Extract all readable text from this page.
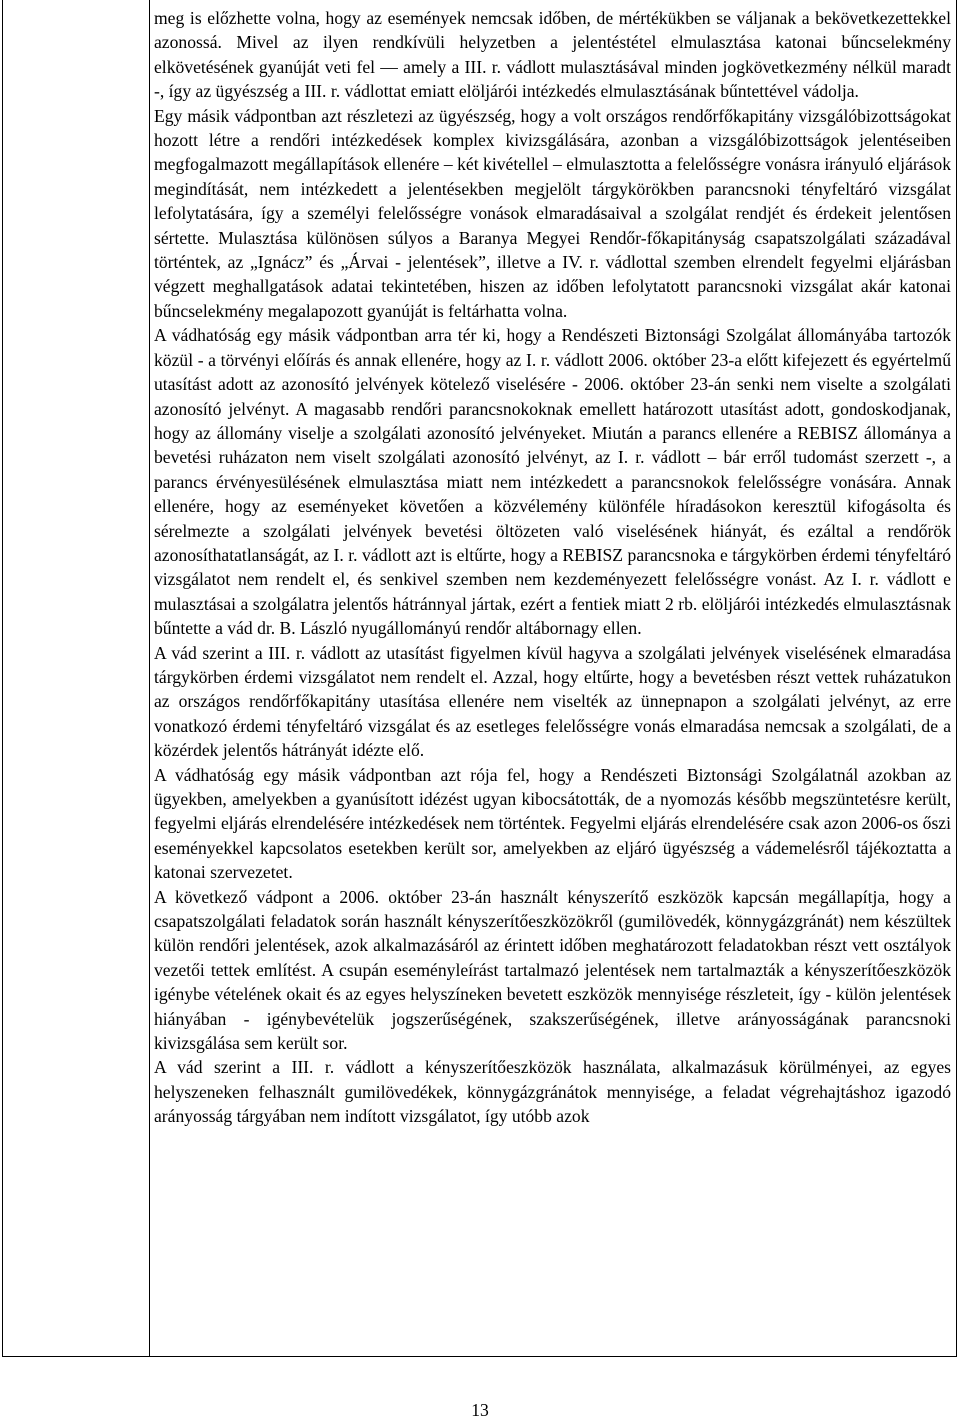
meg is előzhette volna, hogy az események nemcsak időben, de mértékükben se váljanak a bekövetkezettekkel azonossá. Mivel az ilyen rendkívüli helyzetben a jelentéstétel elmulasztása katonai bűncselekmény elkövetésének gyanúját veti fel — amely a III. r. vádlott mulasztásával minden jogkövetkezmény nélkül maradt -, így az ügyészség a III. r. vádlottat emiatt elöljárói intézkedés elmulasztásának bűntettével vádolja.

Egy másik vádpontban azt részletezi az ügyészség, hogy a volt országos rendőrfőkapitány vizsgálóbizottságokat hozott létre a rendőri intézkedések komplex kivizsgálására, azonban a vizsgálóbizottságok jelentéseiben megfogalmazott megállapítások ellenére – két kivétellel – elmulasztotta a felelősségre vonásra irányuló eljárások megindítását, nem intézkedett a jelentésekben megjelölt tárgykörökben parancsnoki tényfeltáró vizsgálat lefolytatására, így a személyi felelősségre vonások elmaradásaival a szolgálat rendjét és érdekeit jelentősen sértette. Mulasztása különösen súlyos a Baranya Megyei Rendőr-főkapitányság csapatszolgálati századával történtek, az „Ignácz” és „Árvai - jelentések”, illetve a IV. r. vádlottal szemben elrendelt fegyelmi eljárásban végzett meghallgatások adatai tekintetében, hiszen az időben lefolytatott parancsnoki vizsgálat akár katonai bűncselekmény megalapozott gyanúját is feltárhatta volna.

A vádhatóság egy másik vádpontban arra tér ki, hogy a Rendészeti Biztonsági Szolgálat állományába tartozók közül - a törvényi előírás és annak ellenére, hogy az I. r. vádlott 2006. október 23-a előtt kifejezett és egyértelmű utasítást adott az azonosító jelvények kötelező viselésére - 2006. október 23-án senki nem viselte a szolgálati azonosító jelvényt. A magasabb rendőri parancsnokoknak emellett határozott utasítást adott, gondoskodjanak, hogy az állomány viselje a szolgálati azonosító jelvényeket. Miután a parancs ellenére a REBISZ állományа a bevetési ruházaton nem viselt szolgálati azonosító jelvényt, az I. r. vádlott – bár erről tudomást szerzett -, a parancs érvényesülésének elmulasztása miatt nem intézkedett a parancsnokok felelősségre vonására. Annak ellenére, hogy az eseményeket követően a közvélemény különféle híradásokon keresztül kifogásolta és sérelmezte a szolgálati jelvények bevetési öltözeten való viselésének hiányát, és ezáltal a rendőrök azonosíthatatlanságát, az I. r. vádlott azt is eltűrte, hogy a REBISZ parancsnoka e tárgykörben érdemi tényfeltáró vizsgálatot nem rendelt el, és senkivel szemben nem kezdeményezett felelősségre vonást. Az I. r. vádlott e mulasztásai a szolgálatra jelentős hátránnyal jártak, ezért a fentiek miatt 2 rb. elöljárói intézkedés elmulasztásnak bűntette a vád dr. B. László nyugállományú rendőr altábornagy ellen.

A vád szerint a III. r. vádlott az utasítást figyelmen kívül hagyva a szolgálati jelvények viselésének elmaradása tárgykörben érdemi vizsgálatot nem rendelt el. Azzal, hogy eltűrte, hogy a bevetésben részt vettek ruházatukon az országos rendőrfőkapitány utasítása ellenére nem viselték az ünnepnapon a szolgálati jelvényt, az erre vonatkozó érdemi tényfeltáró vizsgálat és az esetleges felelősségre vonás elmaradása nemcsak a szolgálati, de a közérdek jelentős hátrányát idézte elő.

A vádhatóság egy másik vádpontban azt rója fel, hogy a Rendészeti Biztonsági Szolgálatnál azokban az ügyekben, amelyekben a gyanúsított idézést ugyan kibocsátották, de a nyomozás később megszüntetésre került, fegyelmi eljárás elrendelésére intézkedések nem történtek. Fegyelmi eljárás elrendelésére csak azon 2006-os őszi eseményekkel kapcsolatos esetekben került sor, amelyekben az eljáró ügyészség a vádemelésről tájékoztatta a katonai szervezetet.

A következő vádpont a 2006. október 23-án használt kényszerítő eszközök kapcsán megállapítja, hogy a csapatszolgálati feladatok során használt kényszerítőeszközökről (gumilövedék, könnygázgránát) nem készültek külön rendőri jelentések, azok alkalmazásáról az érintett időben meghatározott feladatokban részt vett osztályok vezetői tettek említést. A csupán eseményleírást tartalmazó jelentések nem tartalmazták a kényszerítőeszközök igénybe vételének okait és az egyes helyszíneken bevetett eszközök mennyisége részleteit, így - külön jelentések hiányában - igénybevételük jogszerűségének, szakszerűségének, illetve arányosságának parancsnoki kivizsgálása sem került sor.

A vád szerint a III. r. vádlott a kényszerítőeszközök használata, alkalmazásuk körülményei, az egyes helyszeneken felhasznált gumilövedékek, könnygázgránátok mennyisége, a feladat végrehajtáshoz igazodó arányosság tárgyában nem indított vizsgálatot, így utóbb azok

13
